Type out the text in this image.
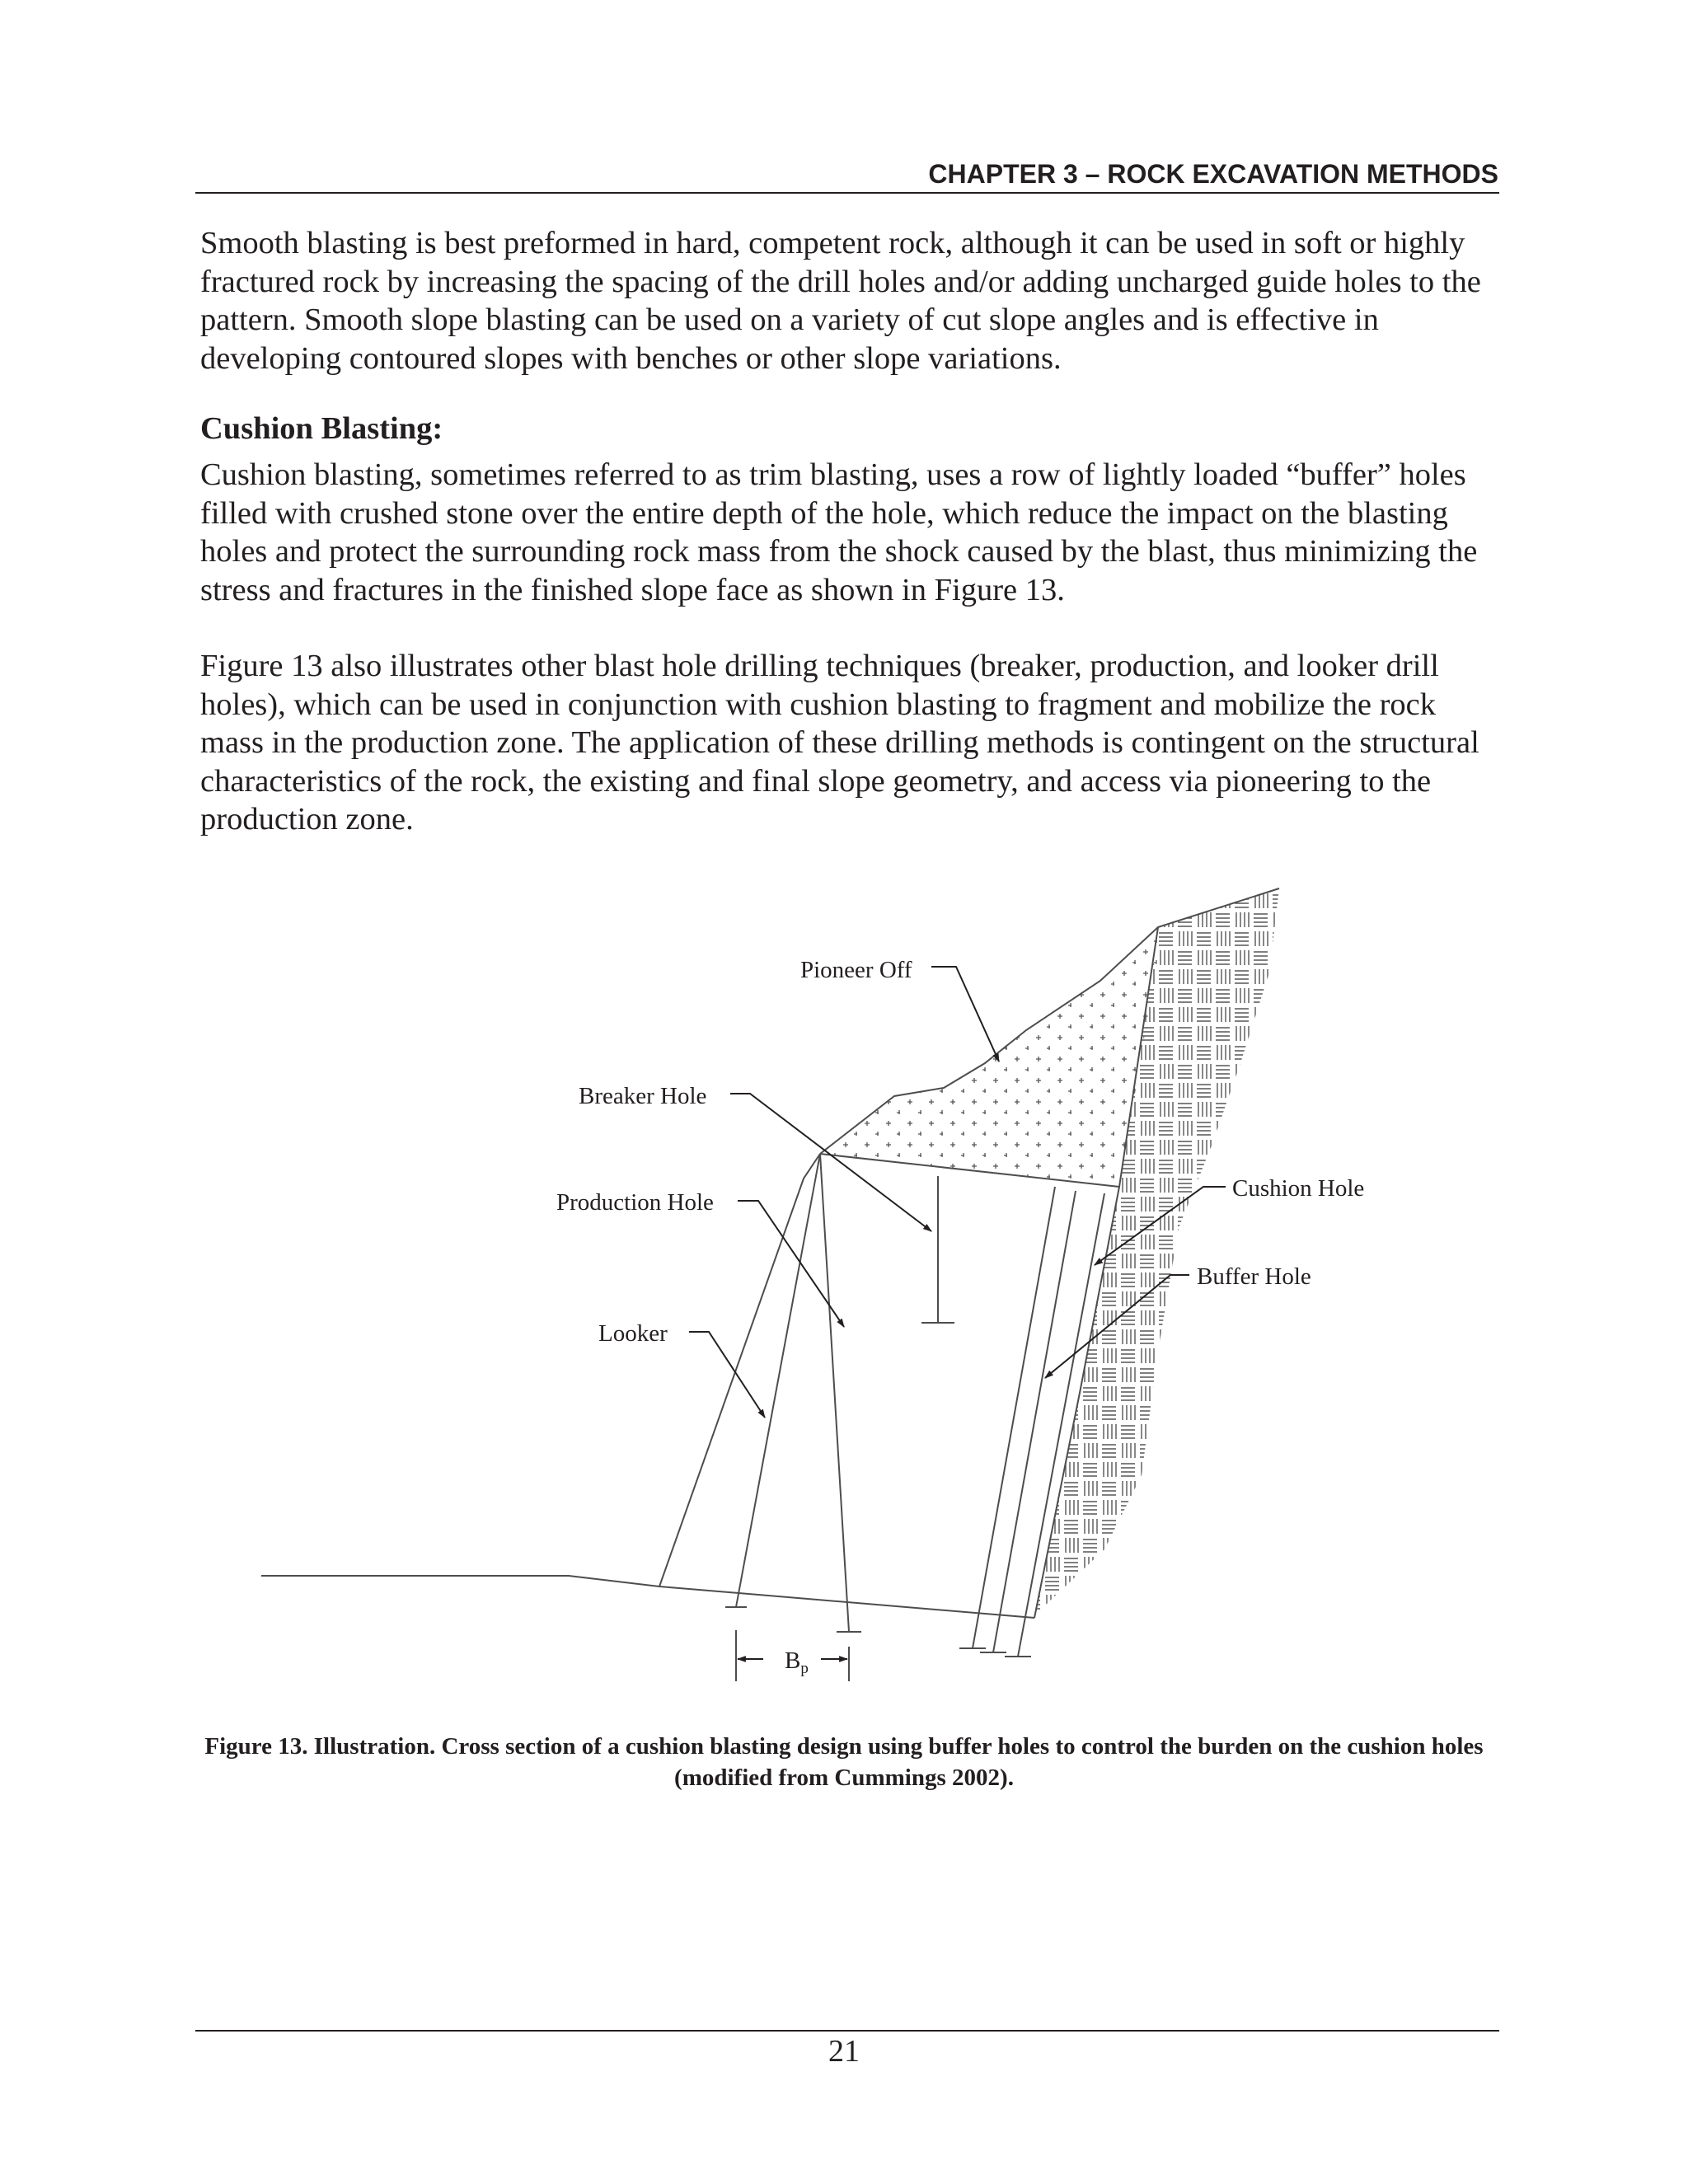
CHAPTER 3 – ROCK EXCAVATION METHODS

Smooth blasting is best preformed in hard, competent rock, although it can be used in soft or highly fractured rock by increasing the spacing of the drill holes and/or adding uncharged guide holes to the pattern. Smooth slope blasting can be used on a variety of cut slope angles and is effective in developing contoured slopes with benches or other slope variations.

Cushion Blasting:

Cushion blasting, sometimes referred to as trim blasting, uses a row of lightly loaded “buffer” holes filled with crushed stone over the entire depth of the hole, which reduce the impact on the blasting holes and protect the surrounding rock mass from the shock caused by the blast, thus minimizing the stress and fractures in the finished slope face as shown in Figure 13.

Figure 13 also illustrates other blast hole drilling techniques (breaker, production, and looker drill holes), which can be used in conjunction with cushion blasting to fragment and mobilize the rock mass in the production zone. The application of these drilling methods is contingent on the structural characteristics of the rock, the existing and final slope geometry, and access via pioneering to the production zone.

Pioneer Off
Breaker Hole
Production Hole
Looker
Cushion Hole
Buffer Hole
$B_p$

Figure 13. Illustration. Cross section of a cushion blasting design using buffer holes to control the burden on the cushion holes (modified from Cummings 2002).

21
